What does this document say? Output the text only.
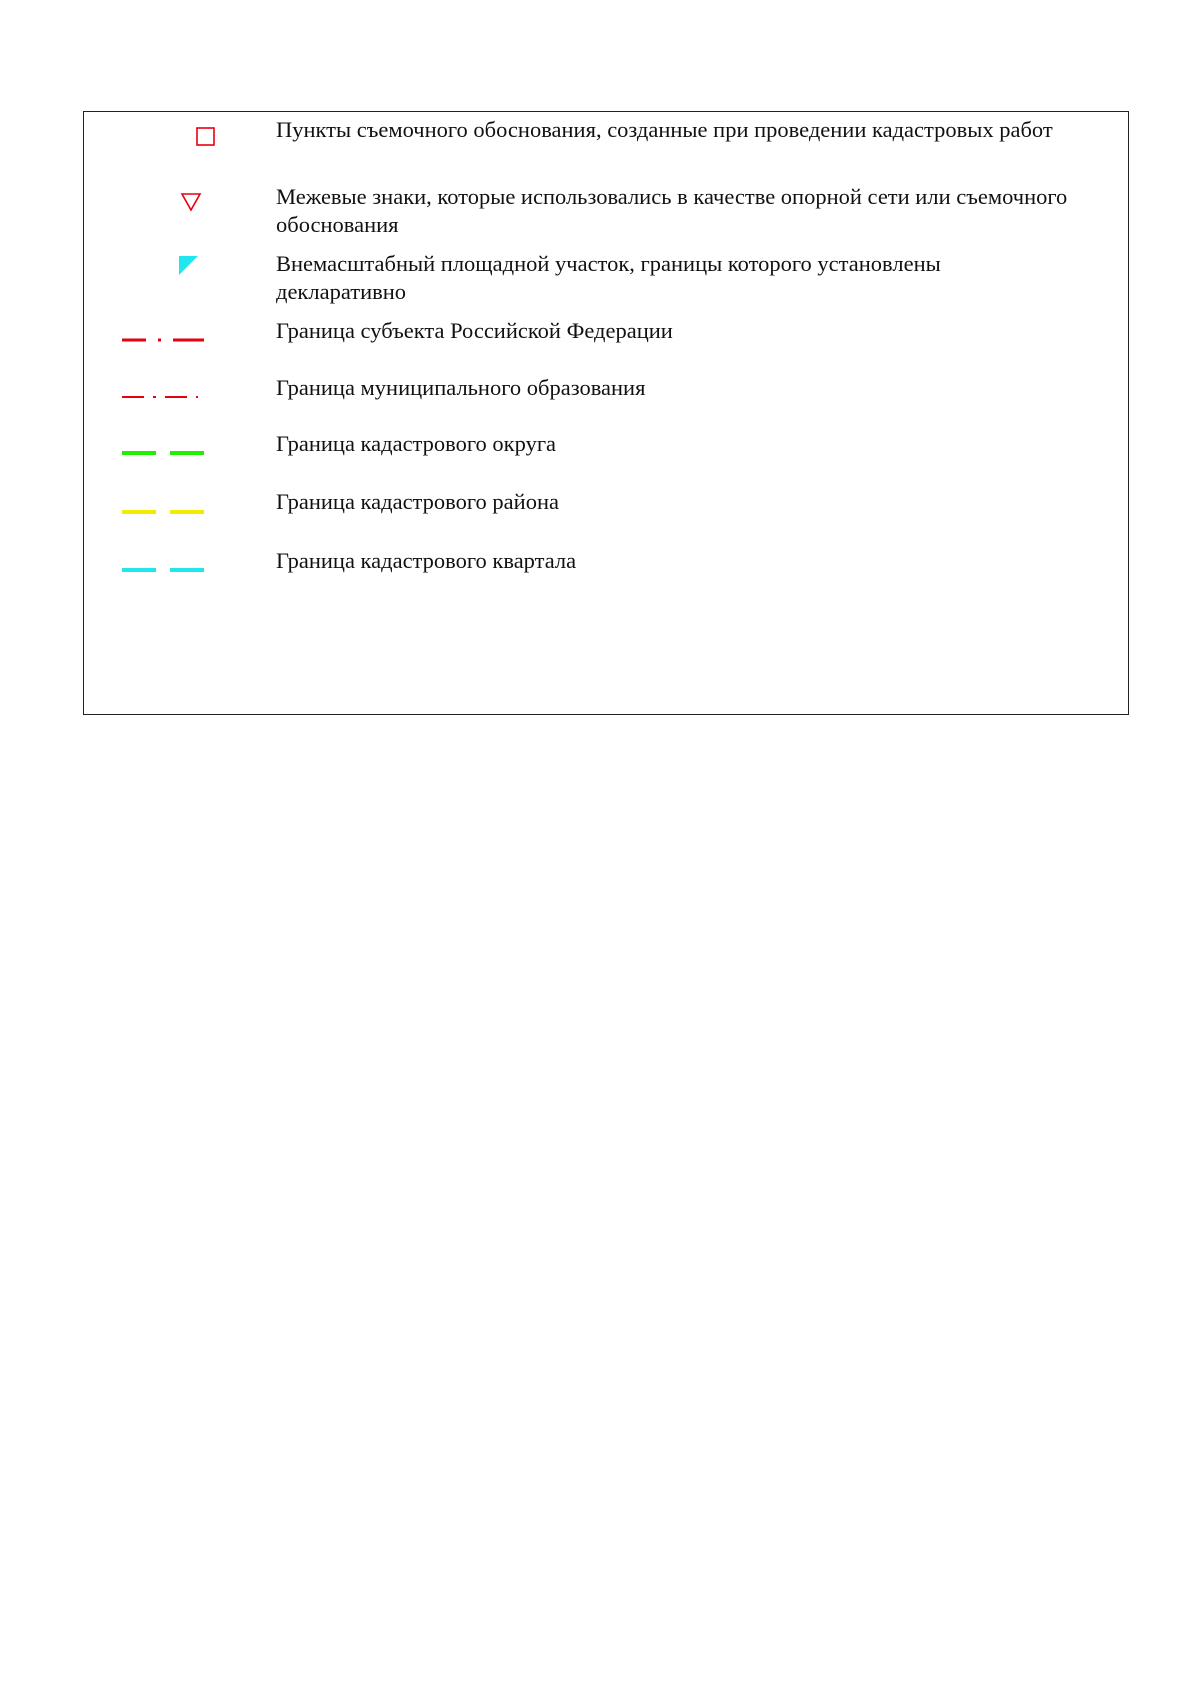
Пункты съемочного обоснования, созданные при проведении кадастровых работ

Межевые знаки, которые использовались в качестве опорной сети или съемочного обоснования

Внемасштабный площадной участок, границы которого установлены декларативно

Граница субъекта Российской Федерации

Граница муниципального образования

Граница кадастрового округа

Граница кадастрового района

Граница кадастрового квартала
